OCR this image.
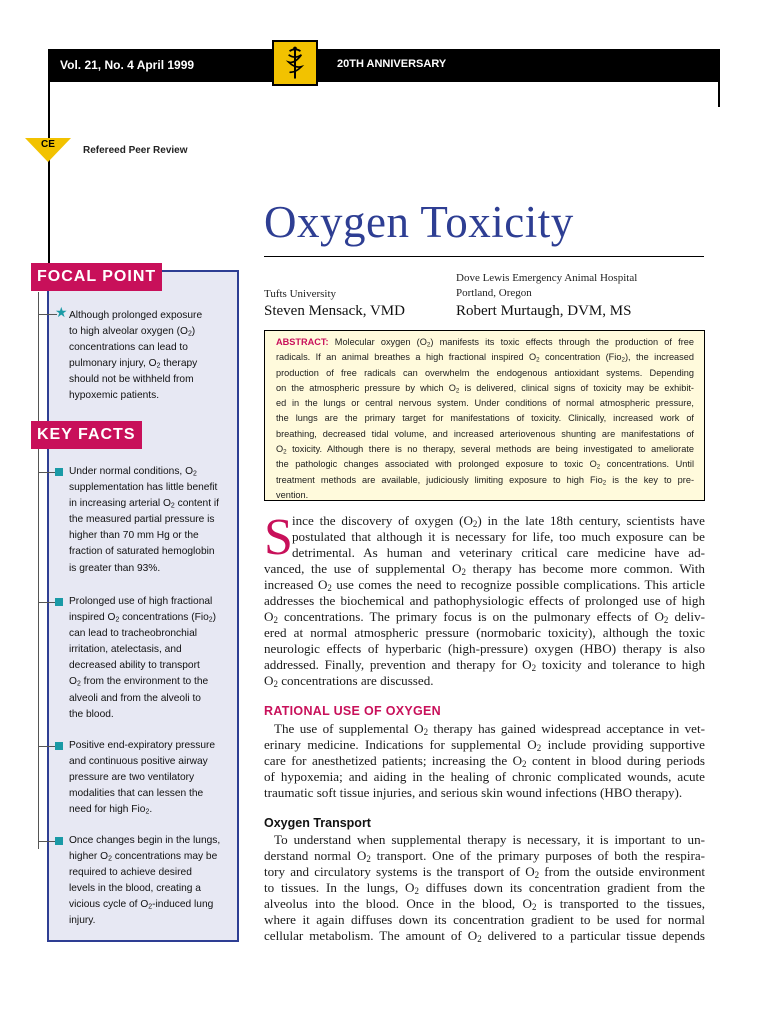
Vol. 21, No. 4 April 1999	20TH ANNIVERSARY
CE
Refereed Peer Review
Oxygen Toxicity
Tufts University
Steven Mensack, VMD
Dove Lewis Emergency Animal Hospital
Portland, Oregon
Robert Murtaugh, DVM, MS
ABSTRACT: Molecular oxygen $(O_2)$ manifests its toxic effects through the production of free
radicals. If an animal breathes a high fractional inspired $O_2$ concentration (Fio$_2$), the increased
production of free radicals can overwhelm the endogenous antioxidant systems. Depending
on the atmospheric pressure by which $O_2$ is delivered, clinical signs of toxicity may be exhibit-
ed in the lungs or central nervous system. Under conditions of normal atmospheric pressure,
the lungs are the primary target for manifestations of toxicity. Clinically, increased work of
breathing, decreased tidal volume, and increased arteriovenous shunting are manifestations of
$O_2$ toxicity. Although there is no therapy, several methods are being investigated to ameliorate
the pathologic changes associated with prolonged exposure to toxic $O_2$ concentrations. Until
treatment methods are available, judiciously limiting exposure to high Fio$_2$ is the key to pre-
vention.
FOCAL POINT
★ Although prolonged exposure
to high alveolar oxygen $(O_2)$
concentrations can lead to
pulmonary injury, $O_2$ therapy
should not be withheld from
hypoxemic patients.
KEY FACTS
Under normal conditions, $O_2$
supplementation has little benefit
in increasing arterial $O_2$ content if
the measured partial pressure is
higher than 70 mm Hg or the
fraction of saturated hemoglobin
is greater than 93%.
Prolonged use of high fractional
inspired $O_2$ concentrations (Fio$_2$)
can lead to tracheobronchial
irritation, atelectasis, and
decreased ability to transport
$O_2$ from the environment to the
alveoli and from the alveoli to
the blood.
Positive end-expiratory pressure
and continuous positive airway
pressure are two ventilatory
modalities that can lessen the
need for high Fio$_2$.
Once changes begin in the lungs,
higher $O_2$ concentrations may be
required to achieve desired
levels in the blood, creating a
vicious cycle of $O_2$-induced lung
injury.
S ince the discovery of oxygen $(O_2)$ in the late 18th century, scientists have
postulated that although it is necessary for life, too much exposure can be
detrimental. As human and veterinary critical care medicine have ad-
vanced, the use of supplemental $O_2$ therapy has become more common. With
increased $O_2$ use comes the need to recognize possible complications. This article
addresses the biochemical and pathophysiologic effects of prolonged use of high
$O_2$ concentrations. The primary focus is on the pulmonary effects of $O_2$ deliv-
ered at normal atmospheric pressure (normobaric toxicity), although the toxic
neurologic effects of hyperbaric (high-pressure) oxygen (HBO) therapy is also
addressed. Finally, prevention and therapy for $O_2$ toxicity and tolerance to high
$O_2$ concentrations are discussed.
RATIONAL USE OF OXYGEN
The use of supplemental $O_2$ therapy has gained widespread acceptance in vet-
erinary medicine. Indications for supplemental $O_2$ include providing supportive
care for anesthetized patients; increasing the $O_2$ content in blood during periods
of hypoxemia; and aiding in the healing of chronic complicated wounds, acute
traumatic soft tissue injuries, and serious skin wound infections (HBO therapy).
Oxygen Transport
To understand when supplemental therapy is necessary, it is important to un-
derstand normal $O_2$ transport. One of the primary purposes of both the respira-
tory and circulatory systems is the transport of $O_2$ from the outside environment
to tissues. In the lungs, $O_2$ diffuses down its concentration gradient from the
alveolus into the blood. Once in the blood, $O_2$ is transported to the tissues,
where it again diffuses down its concentration gradient to be used for normal
cellular metabolism. The amount of $O_2$ delivered to a particular tissue depends
